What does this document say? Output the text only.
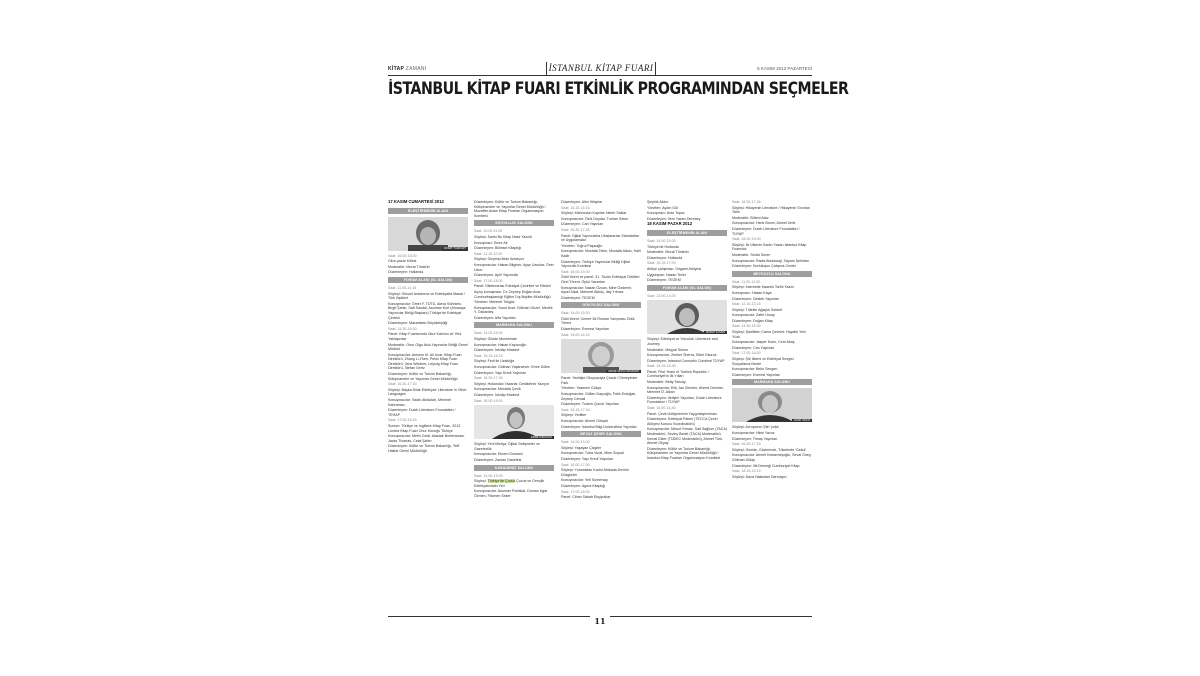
KİTAP ZAMANI	İSTANBUL KİTAP FUARI	5 KASIM 2012 PAZARTESİ
İSTANBUL KİTAP FUARI ETKİNLİK PROGRAMINDAN SEÇMELER
17 KASIM CUMARTESİ 2012
ELEŞTİRMENİN ALANI
MURAT TÜMKÜRT

Saat: 16.00-18.00

Okur-yazar Kitlesi

Moderatör: Murat Tümkürt

Düzenleyen: Hollanda

FORUM ALANI (SL SALON)

Saat: 11.00-14.15

Söyleşi: Güncel Arastırma ve Edebiyatta Masal / Türk İlişkileri

Konuşmacılar: Ömer F. TÜTÜ, Alexa Söhnlein, Birgit Şahin, Sait Sandal, Asuman Kurt (Almanya Yayıncılar Birliği Başkanı) Türkiye'de Edebiyat Çevirisi

Düzenleyen: Macaristan Büyükelçiliği

Saat: 14.30-16.00

Panel: Kitap Fuarlarında Okur Katılımı ve Yeni Yaklaşımlar

Moderatör: Onur Olgu Aslu Yayıncılar Birliği Genel Müdürü

Konuşmacılar: Antonio M. Ali Ucar, Kitap Fuarı Direktörü, Zhang Li Zhen, Pekin Kitap Fuarı Direktörü, Jens Weidner, Leipzig Kitap Fuarı Direktörü, Stefan Gertz

Düzenleyen: Kültür ve Turizm Bakanlığı, Kütüphaneler ve Yayımlar Genel Müdürlüğü

Saat: 16.30-17.30

Söyleşi: Başka Dilde Edebiyat: Literature in Other Languages

Konuşmacılar: Sadık Abdullah, Mehmet Kahraman

Düzenleyen: Dutch Literature Foundation / TEHAP

Saat: 17.00-18.45

Sunum: Türkiye ve İngiltere Kitap Fuarı, 2013 Londra Kitap Fuarı Onur Konuğu Türkiye

Konuşmacılar: Metin Celal, Alastair Burtenshaw, Jacks Thomas, Celal Şahin

Düzenleyen: Kültür ve Turizm Bakanlığı, Telif Haklar Genel Müdürlüğü

Düzenleyen: Kültür ve Turizm Bakanlığı, Kütüphaneler ve Yayımlar Genel Müdürlüğü / Muzaffer Aslan Kitap Fuarları Organizasyon Komitesi

SOSYALLİK SALONU

Saat: 10.00-11.00

Söyleşi: Sanki Bu Kitap Nasıl Yazıldı

Konuşmacı: Emre Ak

Düzenleyen: Bilimsel Kitaplığı

Saat: 11.15-12.00

Söyleşi: Geçmişi İkide Anlatıyor

Konuşmacılar: Hakan Bilginer, Ayşe Uzunlar, Özer Uzun

Düzenleyen: April Yayıncılık

Saat: 17.00-18.00

Panel: Ülkelerarası Edebiyat Çevirileri ve Etkileri

Açılış konuşması: Dr. Zeynep Doğan Acar, Cumhurbaşkanlığı Eğitim Dış İlişkiler Müdürlüğü

Yöneten: Mehmet Tokgöz

Konuşmacılar: Yusuf Acar, Gökhan Güzel, Mevlüt Y. Özkardeş

Düzenleyen: Alfa Yayınları

MARMARA SALONU

Saat: 14.00-15.00

Söyleşi: Gözde Munkehale

Konuşmacılar: Hakan Kapıcıoğlu

Düzenleyen: İnkılâp Kitabevi

Saat: 15.15-16.15

Söyleşi: Fedi ile Uzaklığa

Konuşmacılar: Gökhan Yaşarsever, Emre Dölen

Düzenleyen: Yapı Kredi Yayınları

Saat: 16.30-17.45

Söyleşi: Hollandalı Yazarlar, Dediklerini Yazıyor

Konuşmacılar: Mustafa Çevik

Düzenleyen: İnkılâp Kitabevi

Saat: 18.00-19.00

EMRE KIZILKAYA

Söyleşi: Yeni Medya, Dijital Gelişmeler ve Gazetecilik

Konuşmacılar: Ekrem Dumanlı

Düzenleyen: Zaman Gazetesi

KARADENİZ SALONU

Saat: 14.00-15.00

Söyleşi: Türkiye'de Çocuk Çocuk ve Gençlik Edebiyatındaki Yeri

Konuşmacılar: Asuman Portakal, Duman Ugar Özmen, Filomen Seker

Düzenleyen: Altın Kitaplar

Saat: 15.15-16.15

Söyleşi: Mahmutun Kapıları Neleri Saklar

Konuşmacılar: Özül Deydar, Turhan Sekur

Düzenleyen: Can Yayınları

Saat: 16.30-17.45

Panel: Dijital Yayıncılıkta Uluslararası Standartlar ve Uygulamalar

Yöneten: Tuğrul Paşaoğlu

Konuşmacılar: Mustafa Tekin, Mustafa Alkan, Halil Kadir

Düzenleyen: Türkiye Yayıncılar Birliği Dijital Yayıncılık Komitesi

Saat: 18.00-19.00

Ödül töreni ve panel: 31. Tüzün Edebiyat Ödülleri Özel Töreni: Öykü Yazarları

Konuşmacılar: Nazan Özcan, Mine Özdemir, Aysel Alkal, Mehmet Akköç, Ilay Yılmaz

Düzenleyen: TEGEM

GÖKYILDIZ SALONU

Saat: 14.00-15.00

Ödül töreni: Cemre 36 Roman Yarışması Ödül Töreni

Düzenleyen: Everest Yayınları

Saat: 15.00-16.15

EMİNE SEVGİ ÖZDAMAR

Panel: Yenilişte Okuyucuyla Çocuk / Deneyimler Fark

Yöneten: Yasemin Gökçe

Konuşmacılar: Gülten Dayıoğlu, Fatih Erdoğan, Zeynep Cemali

Düzenleyen: Tudem Çocuk Yayınları

Saat: 16.15-17.00

Söyleşi: Yeditler

Konuşmacılar: Ahmet Gökçek

Düzenleyen: İstanbul Bilgi Üniversitesi Yayınları

BEYAZ ŞEHİR SALONU

Saat: 14.00-15.00

Söyleşi: Yaşayan Çizgiler

Konuşmacılar: Tuba Vural, Mine Soysal

Düzenleyen: Yapı Kredi Yayınları

Saat: 16.00-17.00

Söyleşi: Yunanistan Kadın Afrikada Devrim Düzgünler

Konuşmacılar: Yeti Somersay

Düzenleyen: Agora Kitaplığı

Saat: 17.00-18.00

Panel: Cihan Sabah Ekşiyoklar

Şeyhlik Aklını

Yöneten: Aydın Gül

Konuşmacı: Aras Topuz

Düzenleyen: İlem Yazarı Derebey

18 KASIM PAZAR 2012
ELEŞTİRMENİN ALANI

Saat: 14.00-15.00

Türkiye'de Hollanda

Moderatör: Murat Tümkürt

Düzenleyen: Hollanda

Saat: 15.15-17.00

Atölye çalışması: Origami Atölyesi

Uygulayan: Nazan Tezer

Düzenleyen: TEGEM

FORUM ALANI (SL SALON)

Saat: 13.00-14.00

MURAT GÜVEN

Söyleşi: Edebiyat ve Yolculuk: Literature and Journey

Moderatör: Meyyal Sümer

Konuşmacılar: Zeeker Sherra, Sibel Okuruz

Düzenleyen: İstanbul Consortio Comitesi TÜYAP

Saat: 14.15-15.45

Panel: First Years of Turkish Republic / Cumhuriyet'in İlk Yılları

Moderatör: Betty Tokcay

Konuşmacılar: Erik Jan Zürcher, Ahmet Demirel, Mehmet Ö. Alkan

Düzenleyen: İletişim Yayınları, Dutch Literature Foundation / TÜYAP

Saat: 16.00-16.45

Panel: Çeviri Atölyelerinin Yaygınlaştırılması

Düzenleyen: Edebiyat Pakeri (TECCA Çeviri Atölyesi Kurucu Koordinatörü)

Konuşmacılar: Mesut Yılmaz, Sait Sağhun (TACA) Moderatörü, Sevinç Bedel (TACA) Moderatörü, Kemal Diker (TÜDEC Moderatörü), Ahmet Türk, Ahmet Okyay

Düzenleyen: Kültür ve Turizm Bakanlığı, Kütüphaneler ve Yayımlar Genel Müdürlüğü / İstanbul Kitap Fuarları Organizasyon Komitesi

Saat: 16.30-17.45

Söyleşi: Hikayenin Literatüre / Hikayenin Sınırları Tarih

Moderatör: Bülent Atav

Konuşmacılar: Henk Boom, Ahmet Ümit

Düzenleyen: Dutch Literature Foundation / TÜYAP

Saat: 18.00-19.00

Söyleşi: İki Ülkenin Kadın Yazarı İstanbul Kitap Fuarında

Moderatör: Sedat Sezer

Konuşmacılar: Radia Abdulwaji, Sayam Şehidan

Düzenleyen: Kurtuluşun Çalışma Center

BEYKOZLU SALONU

Saat: 11.00-12.00

Söyleşi: İnternetle İnsanlık Tarihi Yazılır

Konuşmacı: Hasan Kaya

Düzenleyen: Destek Yayınları

Saat: 12.15-13.15

Söyleşi: Tüfekle Ağaçlık Sohbet

Konuşmacılar: Zafer Umay

Düzenleyen: Doğan Kitap

Saat: 14.30-16.30

Söyleşi: Şairlikten Cama Çevrimi: Hayalin Yeni Yüzü

Konuşmacılar: Jasper Koen, Cem Akaş

Düzenleyen: Can Yayınları

Saat: 17.00-18.00

Söyleşi: Şiir Ilkemi ve Edebiyat Sevgisi Sosyalizma Nerde

Konuşmacılar: Bekir Sevgen

Düzenleyen: Everest Yayınları

MARMARA SALONU
HİLMİ YAVUZ

Söyleşi: Avrupa'nın Şiiri 'yolla'

Konuşmacılar: Hilmi Yavuz

Düzenleyen: Timaş Yayınları

Saat: 16.00-17.15

Söyleşi: Gezide, Gözlerinde, Tükelerde 'Gekul'

Konuşmacılar: Ahmet Kekarmeşoğlu, Seval Öney, Gökhan Gülay

Düzenleyen: Ilik Derneği Cumhuriyet Kitap

Saat: 18.15-19.15

Söyleşi: Dava Hakkidan Darmayın

11
